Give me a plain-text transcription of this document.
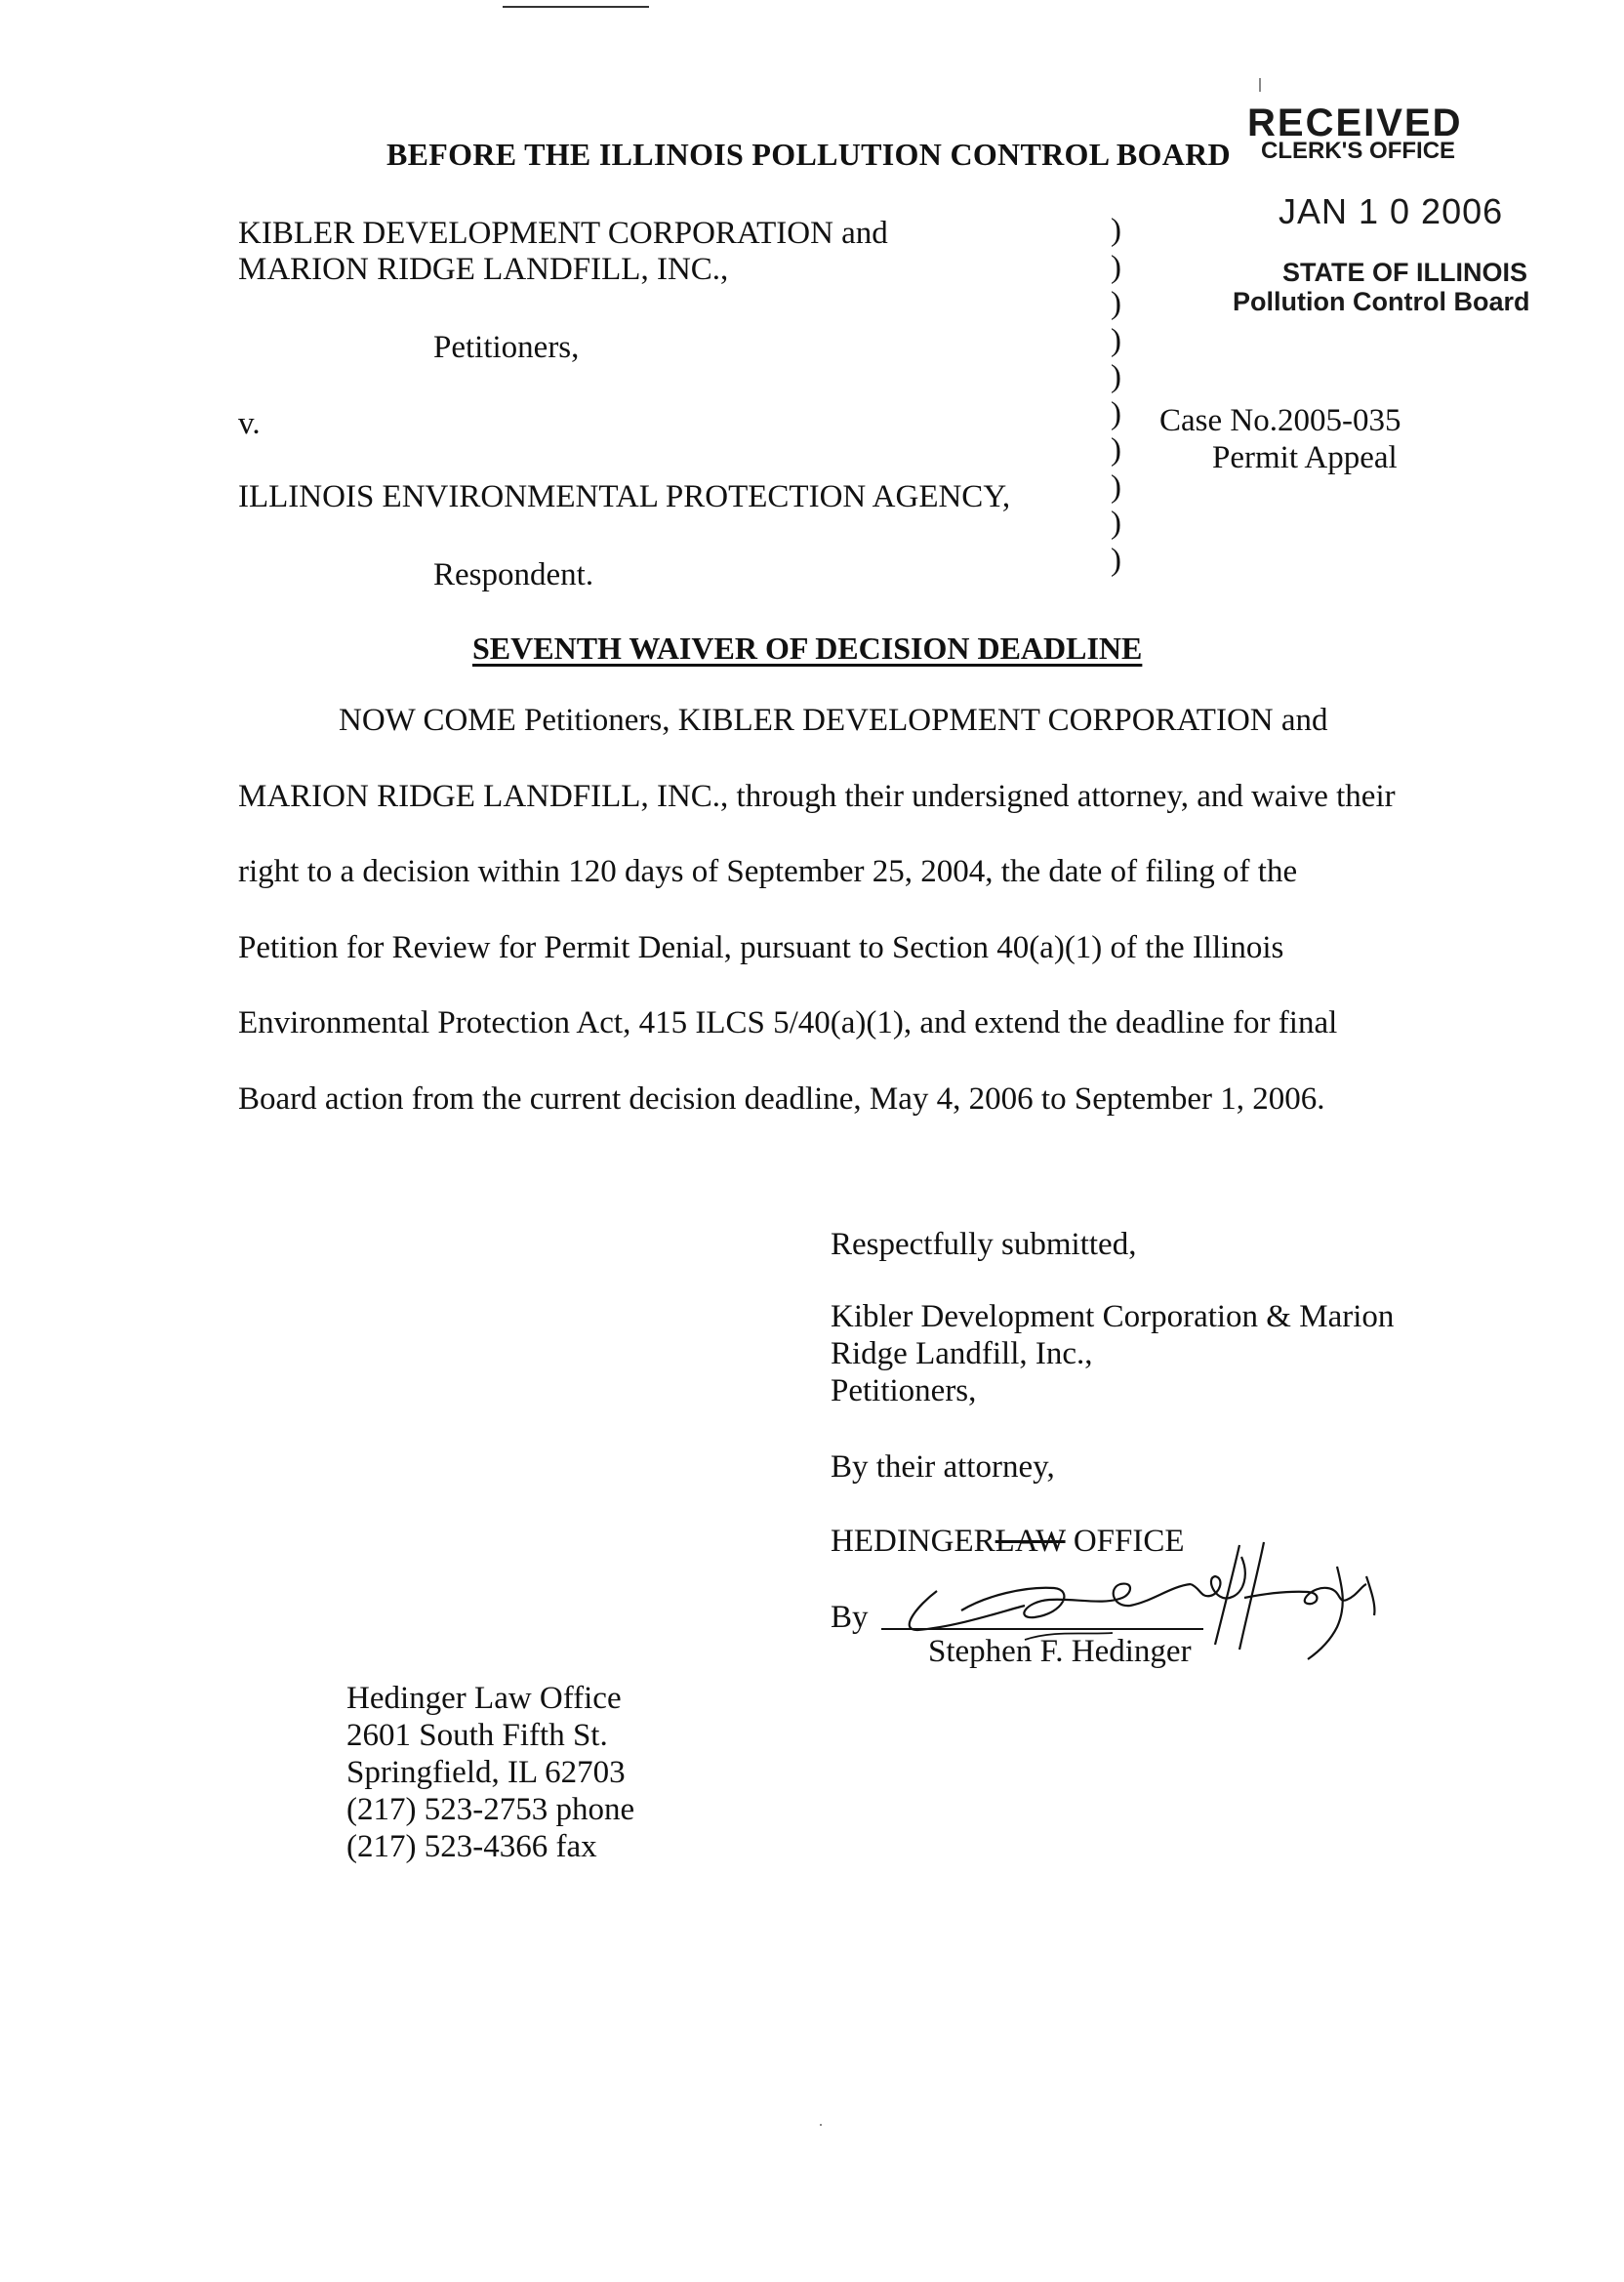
RECEIVED
CLERK'S OFFICE
JAN 1 0 2006
STATE OF ILLINOIS
Pollution Control Board
BEFORE THE ILLINOIS POLLUTION CONTROL BOARD
KIBLER DEVELOPMENT CORPORATION and
MARION RIDGE LANDFILL, INC.,
Petitioners,
v.
ILLINOIS ENVIRONMENTAL PROTECTION AGENCY,
Respondent.
)
)
)
)
)
)
)
)
)
)
Case No.2005-035
Permit Appeal
SEVENTH WAIVER OF DECISION DEADLINE
NOW COME Petitioners, KIBLER DEVELOPMENT CORPORATION and
MARION RIDGE LANDFILL, INC., through their undersigned attorney, and waive their
right to a decision within 120 days of September 25, 2004, the date of filing of the
Petition for Review for Permit Denial, pursuant to Section 40(a)(1) of the Illinois
Environmental Protection Act, 415 ILCS 5/40(a)(1), and extend the deadline for final
Board action from the current decision deadline, May 4, 2006 to September 1, 2006.
Respectfully submitted,
Kibler Development Corporation & Marion
Ridge Landfill, Inc.,
Petitioners,
By their attorney,
HEDINGERLAW OFFICE
By
Stephen F. Hedinger
Hedinger Law Office
2601 South Fifth St.
Springfield, IL 62703
(217) 523-2753 phone
(217) 523-4366 fax
